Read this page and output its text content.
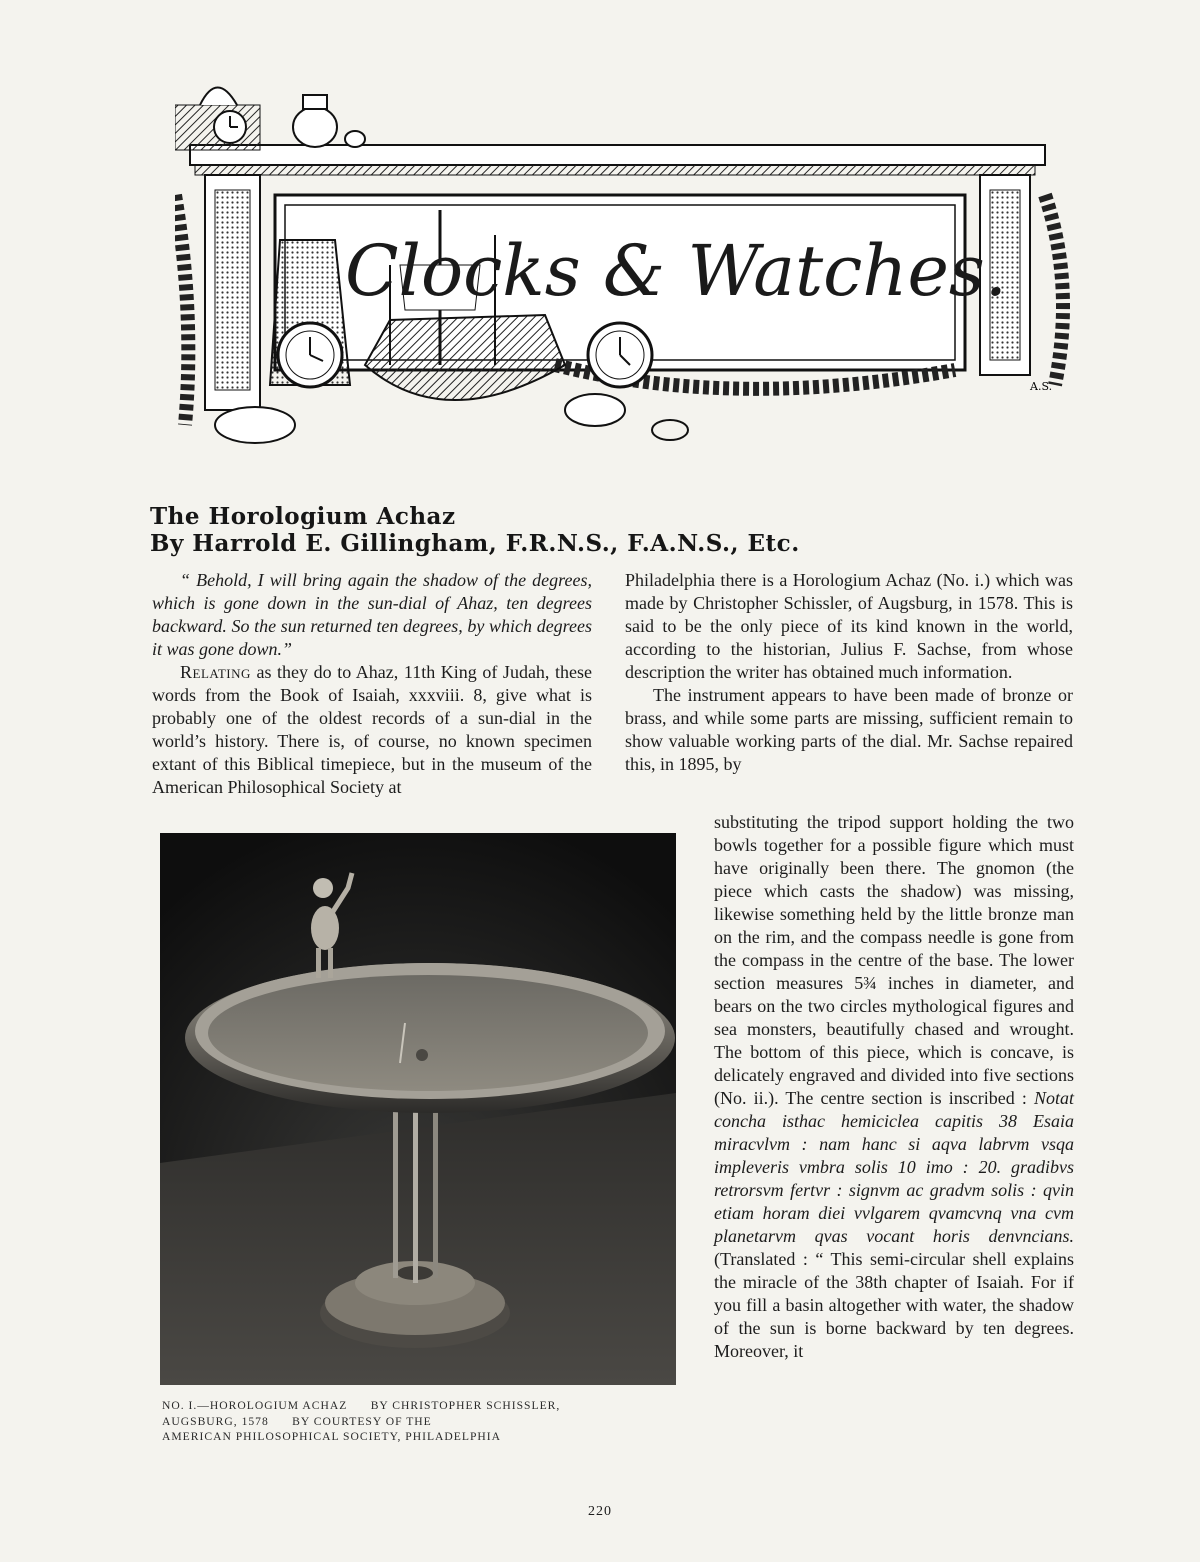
Clocks & Watches.
A.S.
The Horologium Achaz
By Harrold E. Gillingham, F.R.N.S., F.A.N.S., Etc.

“ Behold, I will bring again the shadow of the degrees, which is gone down in the sun-dial of Ahaz, ten degrees backward. So the sun returned ten degrees, by which degrees it was gone down.”

Relating as they do to Ahaz, 11th King of Judah, these words from the Book of Isaiah, xxxviii. 8, give what is probably one of the oldest records of a sun-dial in the world’s history. There is, of course, no known specimen extant of this Biblical timepiece, but in the museum of the American Philosophical Society at

Philadelphia there is a Horologium Achaz (No. i.) which was made by Christopher Schissler, of Augsburg, in 1578. This is said to be the only piece of its kind known in the world, according to the historian, Julius F. Sachse, from whose description the writer has obtained much information.

The instrument appears to have been made of bronze or brass, and while some parts are missing, sufficient remain to show valuable working parts of the dial. Mr. Sachse repaired this, in 1895, by

substituting the tripod support holding the two bowls together for a possible figure which must have originally been there. The gnomon (the piece which casts the shadow) was missing, likewise something held by the little bronze man on the rim, and the compass needle is gone from the compass in the centre of the base. The lower section measures 5¾ inches in diameter, and bears on the two circles mythological figures and sea monsters, beautifully chased and wrought. The bottom of this piece, which is concave, is delicately engraved and divided into five sections (No. ii.). The centre section is inscribed : Notat concha isthac hemiciclea capitis 38 Esaia miracvlvm : nam hanc si aqva labrvm vsqa impleveris vmbra solis 10 imo : 20. gradibvs retrorsvm fertvr : signvm ac gradvm solis : qvin etiam horam diei vvlgarem qvamcvnq vna cvm planetarvm qvas vocant horis denvncians. (Translated : “ This semi-circular shell explains the miracle of the 38th chapter of Isaiah. For if you fill a basin altogether with water, the shadow of the sun is borne backward by ten degrees. Moreover, it

NO. I.—HOROLOGIUM ACHAZ      BY CHRISTOPHER SCHISSLER,
AUGSBURG, 1578      BY COURTESY OF THE
AMERICAN PHILOSOPHICAL SOCIETY, PHILADELPHIA
220
